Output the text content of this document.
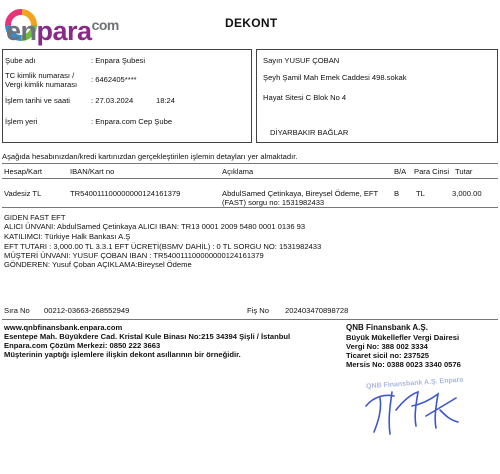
enpara$^{com}$	DEKONT
Şube adı	: Enpara Şubesi
TC kimlik numarası /
Vergi kimlik numarası
: 6462405****
İşlem tarihi ve saati	: 27.03.2024	18:24
İşlem yeri	: Enpara.com Cep Şube
Sayın YUSUF ÇOBAN
Şeyh Şamil Mah Emek Caddesi 498.sokak
Hayat Sitesi C Blok No 4
DİYARBAKIR BAĞLAR
Aşağıda hesabınızdan/kredi kartınızdan gerçekleştirilen işlemin detayları yer almaktadır.
Hesap/Kart	IBAN/Kart no	Açıklama	B/A Para Cinsi Tutar
Vadesiz TL	TR540011100000000124161379	AbdulSamed Çetinkaya, Bireysel Ödeme, EFT
(FAST) sorgu no: 1531982433
B TL	3,000.00
GIDEN FAST EFT
ALICI ÜNVANI: AbdulSamed Çetinkaya ALICI IBAN: TR13 0001 2009 5480 0001 0136 93
KATILIMCI: Türkiye Halk Bankası A.Ş
EFT TUTARI : 3,000.00 TL 3.3.1 EFT ÜCRETİ(BSMV DAHİL) : 0 TL SORGU NO: 1531982433
MÜŞTERİ ÜNVANI: YUSUF ÇOBAN IBAN : TR540011100000000124161379
GÖNDEREN: Yusuf Çoban AÇIKLAMA:Bireysel Ödeme
Sıra No 00212-03663-268552949	Fiş No 202403470898728
www.qnbfinansbank.enpara.com
Esentepe Mah. Büyükdere Cad. Kristal Kule Binası No:215 34394 Şişli / İstanbul
Enpara.com Çözüm Merkezi: 0850 222 3663
Müşterinin yaptığı işlemlere ilişkin dekont asıllarının bir örneğidir.
QNB Finansbank A.Ş.
Büyük Mükellefler Vergi Dairesi
Vergi No: 388 002 3334
Ticaret sicil no: 237525
Mersis No: 0388 0023 3340 0576
QNB Finansbank A.Ş. Enpara
